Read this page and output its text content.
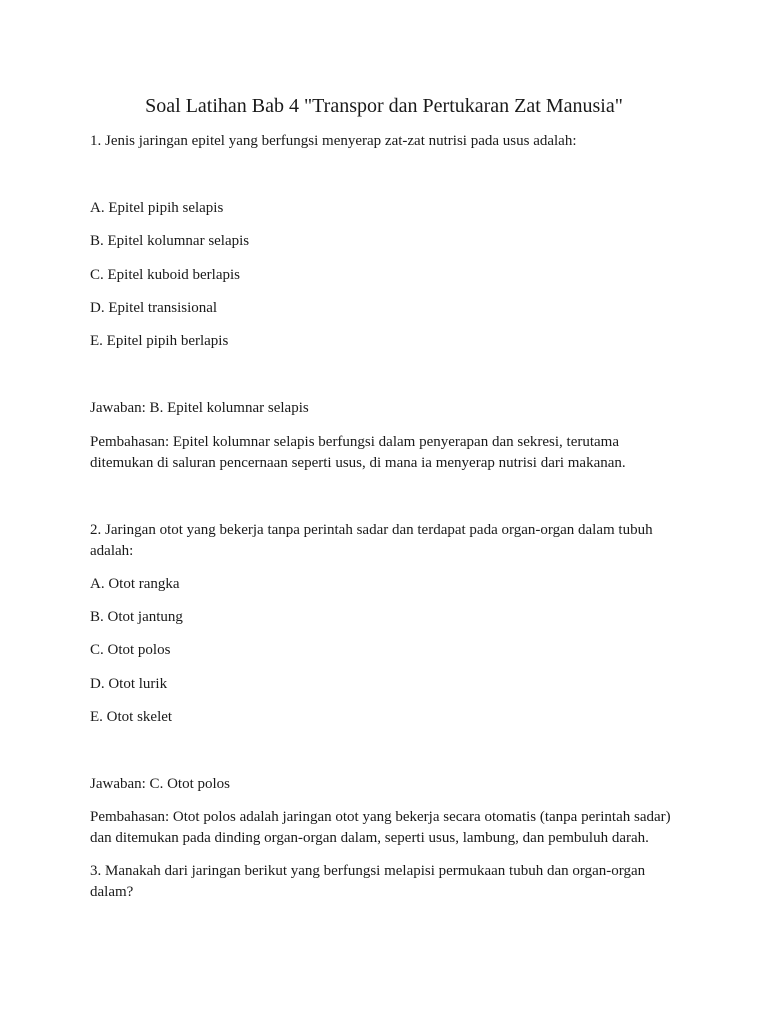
Soal Latihan Bab 4 "Transpor dan Pertukaran Zat Manusia"

1. Jenis jaringan epitel yang berfungsi menyerap zat-zat nutrisi pada usus adalah:

A. Epitel pipih selapis

B. Epitel kolumnar selapis

C. Epitel kuboid berlapis

D. Epitel transisional

E. Epitel pipih berlapis

Jawaban: B. Epitel kolumnar selapis

Pembahasan: Epitel kolumnar selapis berfungsi dalam penyerapan dan sekresi, terutama ditemukan di saluran pencernaan seperti usus, di mana ia menyerap nutrisi dari makanan.

2. Jaringan otot yang bekerja tanpa perintah sadar dan terdapat pada organ-organ dalam tubuh adalah:

A. Otot rangka

B. Otot jantung

C. Otot polos

D. Otot lurik

E. Otot skelet

Jawaban: C. Otot polos

Pembahasan: Otot polos adalah jaringan otot yang bekerja secara otomatis (tanpa perintah sadar) dan ditemukan pada dinding organ-organ dalam, seperti usus, lambung, dan pembuluh darah.

3. Manakah dari jaringan berikut yang berfungsi melapisi permukaan tubuh dan organ-organ dalam?
